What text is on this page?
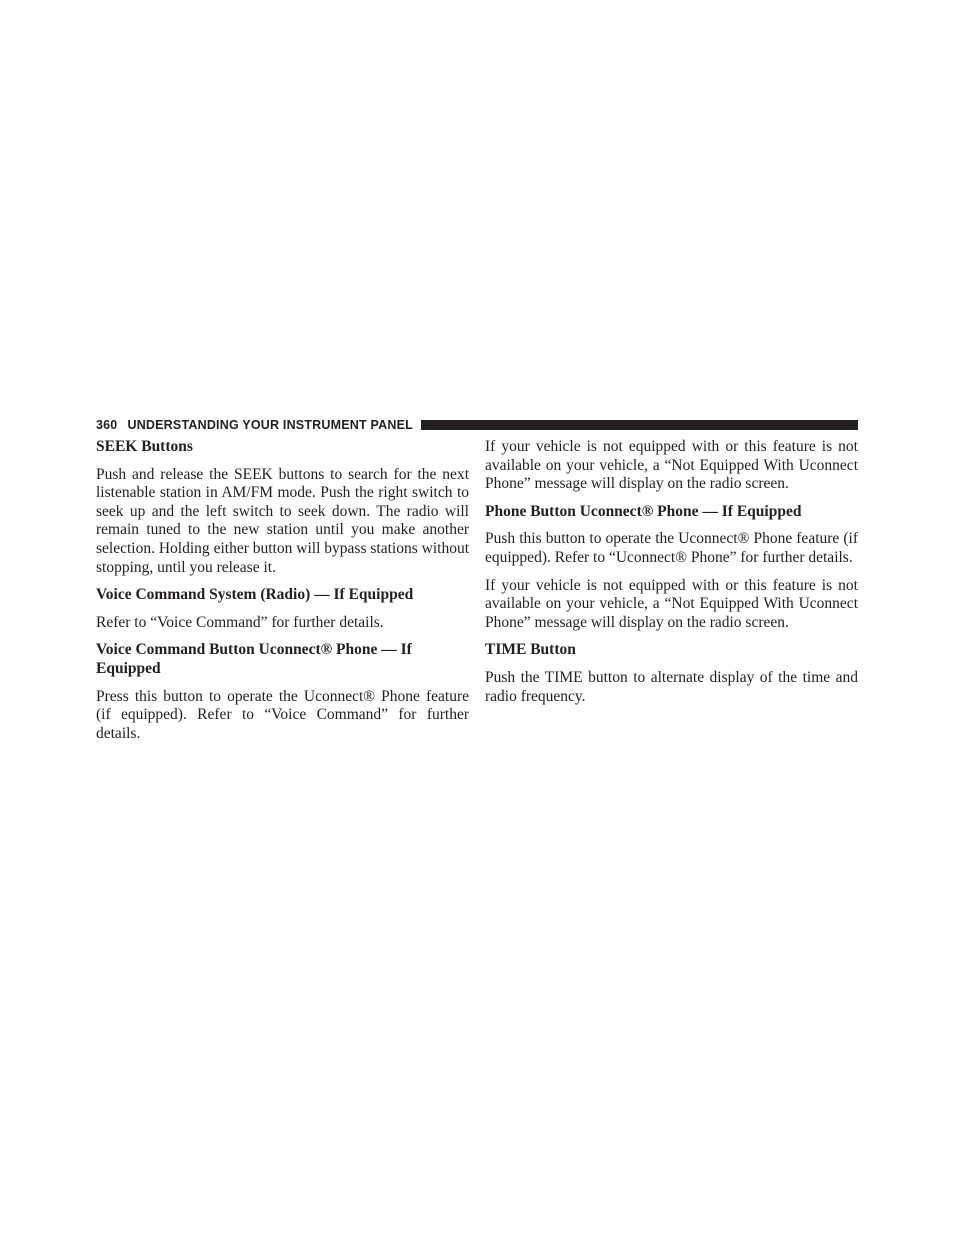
360 UNDERSTANDING YOUR INSTRUMENT PANEL
SEEK Buttons

Push and release the SEEK buttons to search for the next listenable station in AM/FM mode. Push the right switch to seek up and the left switch to seek down. The radio will remain tuned to the new station until you make another selection. Holding either button will bypass stations without stopping, until you release it.

Voice Command System (Radio) — If Equipped

Refer to “Voice Command” for further details.

Voice Command Button Uconnect® Phone — If Equipped

Press this button to operate the Uconnect® Phone feature (if equipped). Refer to “Voice Command” for further details.

If your vehicle is not equipped with or this feature is not available on your vehicle, a “Not Equipped With Uconnect Phone” message will display on the radio screen.

Phone Button Uconnect® Phone — If Equipped

Push this button to operate the Uconnect® Phone feature (if equipped). Refer to “Uconnect® Phone” for further details.

If your vehicle is not equipped with or this feature is not available on your vehicle, a “Not Equipped With Uconnect Phone” message will display on the radio screen.

TIME Button

Push the TIME button to alternate display of the time and radio frequency.
